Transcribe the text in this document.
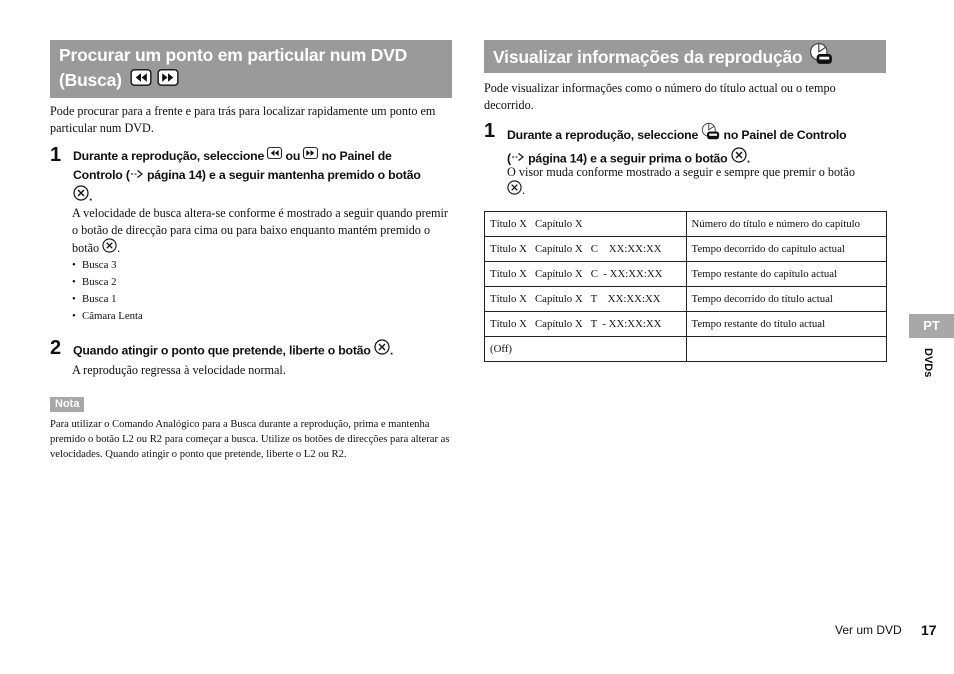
Procurar um ponto em particular num DVD
(Busca)
Pode procurar para a frente e para trás para localizar rapidamente um ponto em particular num DVD.
1 Durante a reprodução, seleccione ou no Painel de
Controlo ( página 14) e a seguir mantenha premido o botão
.
A velocidade de busca altera-se conforme é mostrado a seguir quando premir o botão de direcção para cima ou para baixo enquanto mantém premido o botão .
• Busca 3
• Busca 2
• Busca 1
• Câmara Lenta
2 Quando atingir o ponto que pretende, liberte o botão .
A reprodução regressa à velocidade normal.
Nota
Para utilizar o Comando Analógico para a Busca durante a reprodução, prima e mantenha premido o botão L2 ou R2 para começar a busca. Utilize os botões de direcções para alterar as velocidades. Quando atingir o ponto que pretende, liberte o L2 ou R2.
Visualizar informações da reprodução
Pode visualizar informações como o número do título actual ou o tempo decorrido.
1 Durante a reprodução, seleccione no Painel de Controlo
( página 14) e a seguir prima o botão .
O visor muda conforme mostrado a seguir e sempre que premir o botão
.
Título X   Capítulo X	Número do título e número do capítulo
Título X   Capítulo X   C    XX:XX:XX	Tempo decorrido do capítulo actual
Título X   Capítulo X   C  - XX:XX:XX	Tempo restante do capítulo actual
Título X   Capítulo X   T    XX:XX:XX	Tempo decorrido do título actual
Título X   Capítulo X   T  - XX:XX:XX	Tempo restante do título actual
(Off)	
PT
DVDs
Ver um DVD 17
